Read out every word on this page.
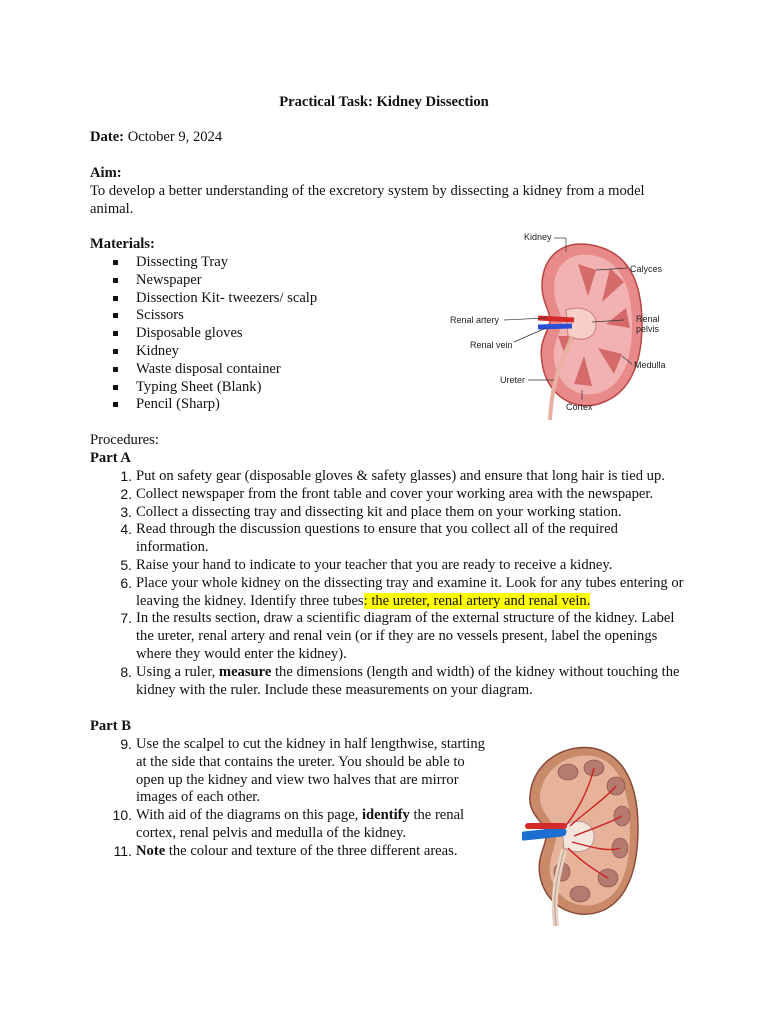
Practical Task: Kidney Dissection
Date: October 9, 2024
Aim:
To develop a better understanding of the excretory system by dissecting a kidney from a model animal.
Materials:
Dissecting Tray
Newspaper
Dissection Kit- tweezers/ scalp
Scissors
Disposable gloves
Kidney
Waste disposal container
Typing Sheet (Blank)
Pencil (Sharp)
Kidney
Calyces
Renal artery	Renal
pelvis
Renal vein
Medulla
Ureter
Cortex
Procedures:
Part A
1. Put on safety gear (disposable gloves & safety glasses) and ensure that long hair is tied up.
2. Collect newspaper from the front table and cover your working area with the newspaper.
3. Collect a dissecting tray and dissecting kit and place them on your working station.
4. Read through the discussion questions to ensure that you collect all of the required information.
5. Raise your hand to indicate to your teacher that you are ready to receive a kidney.
6. Place your whole kidney on the dissecting tray and examine it. Look for any tubes entering or leaving the kidney. Identify three tubes: the ureter, renal artery and renal vein.
7. In the results section, draw a scientific diagram of the external structure of the kidney. Label the ureter, renal artery and renal vein (or if they are no vessels present, label the openings where they would enter the kidney).
8. Using a ruler, measure the dimensions (length and width) of the kidney without touching the kidney with the ruler. Include these measurements on your diagram.
Part B
9. Use the scalpel to cut the kidney in half lengthwise, starting at the side that contains the ureter. You should be able to open up the kidney and view two halves that are mirror images of each other.
10. With aid of the diagrams on this page, identify the renal cortex, renal pelvis and medulla of the kidney.
11. Note the colour and texture of the three different areas.
